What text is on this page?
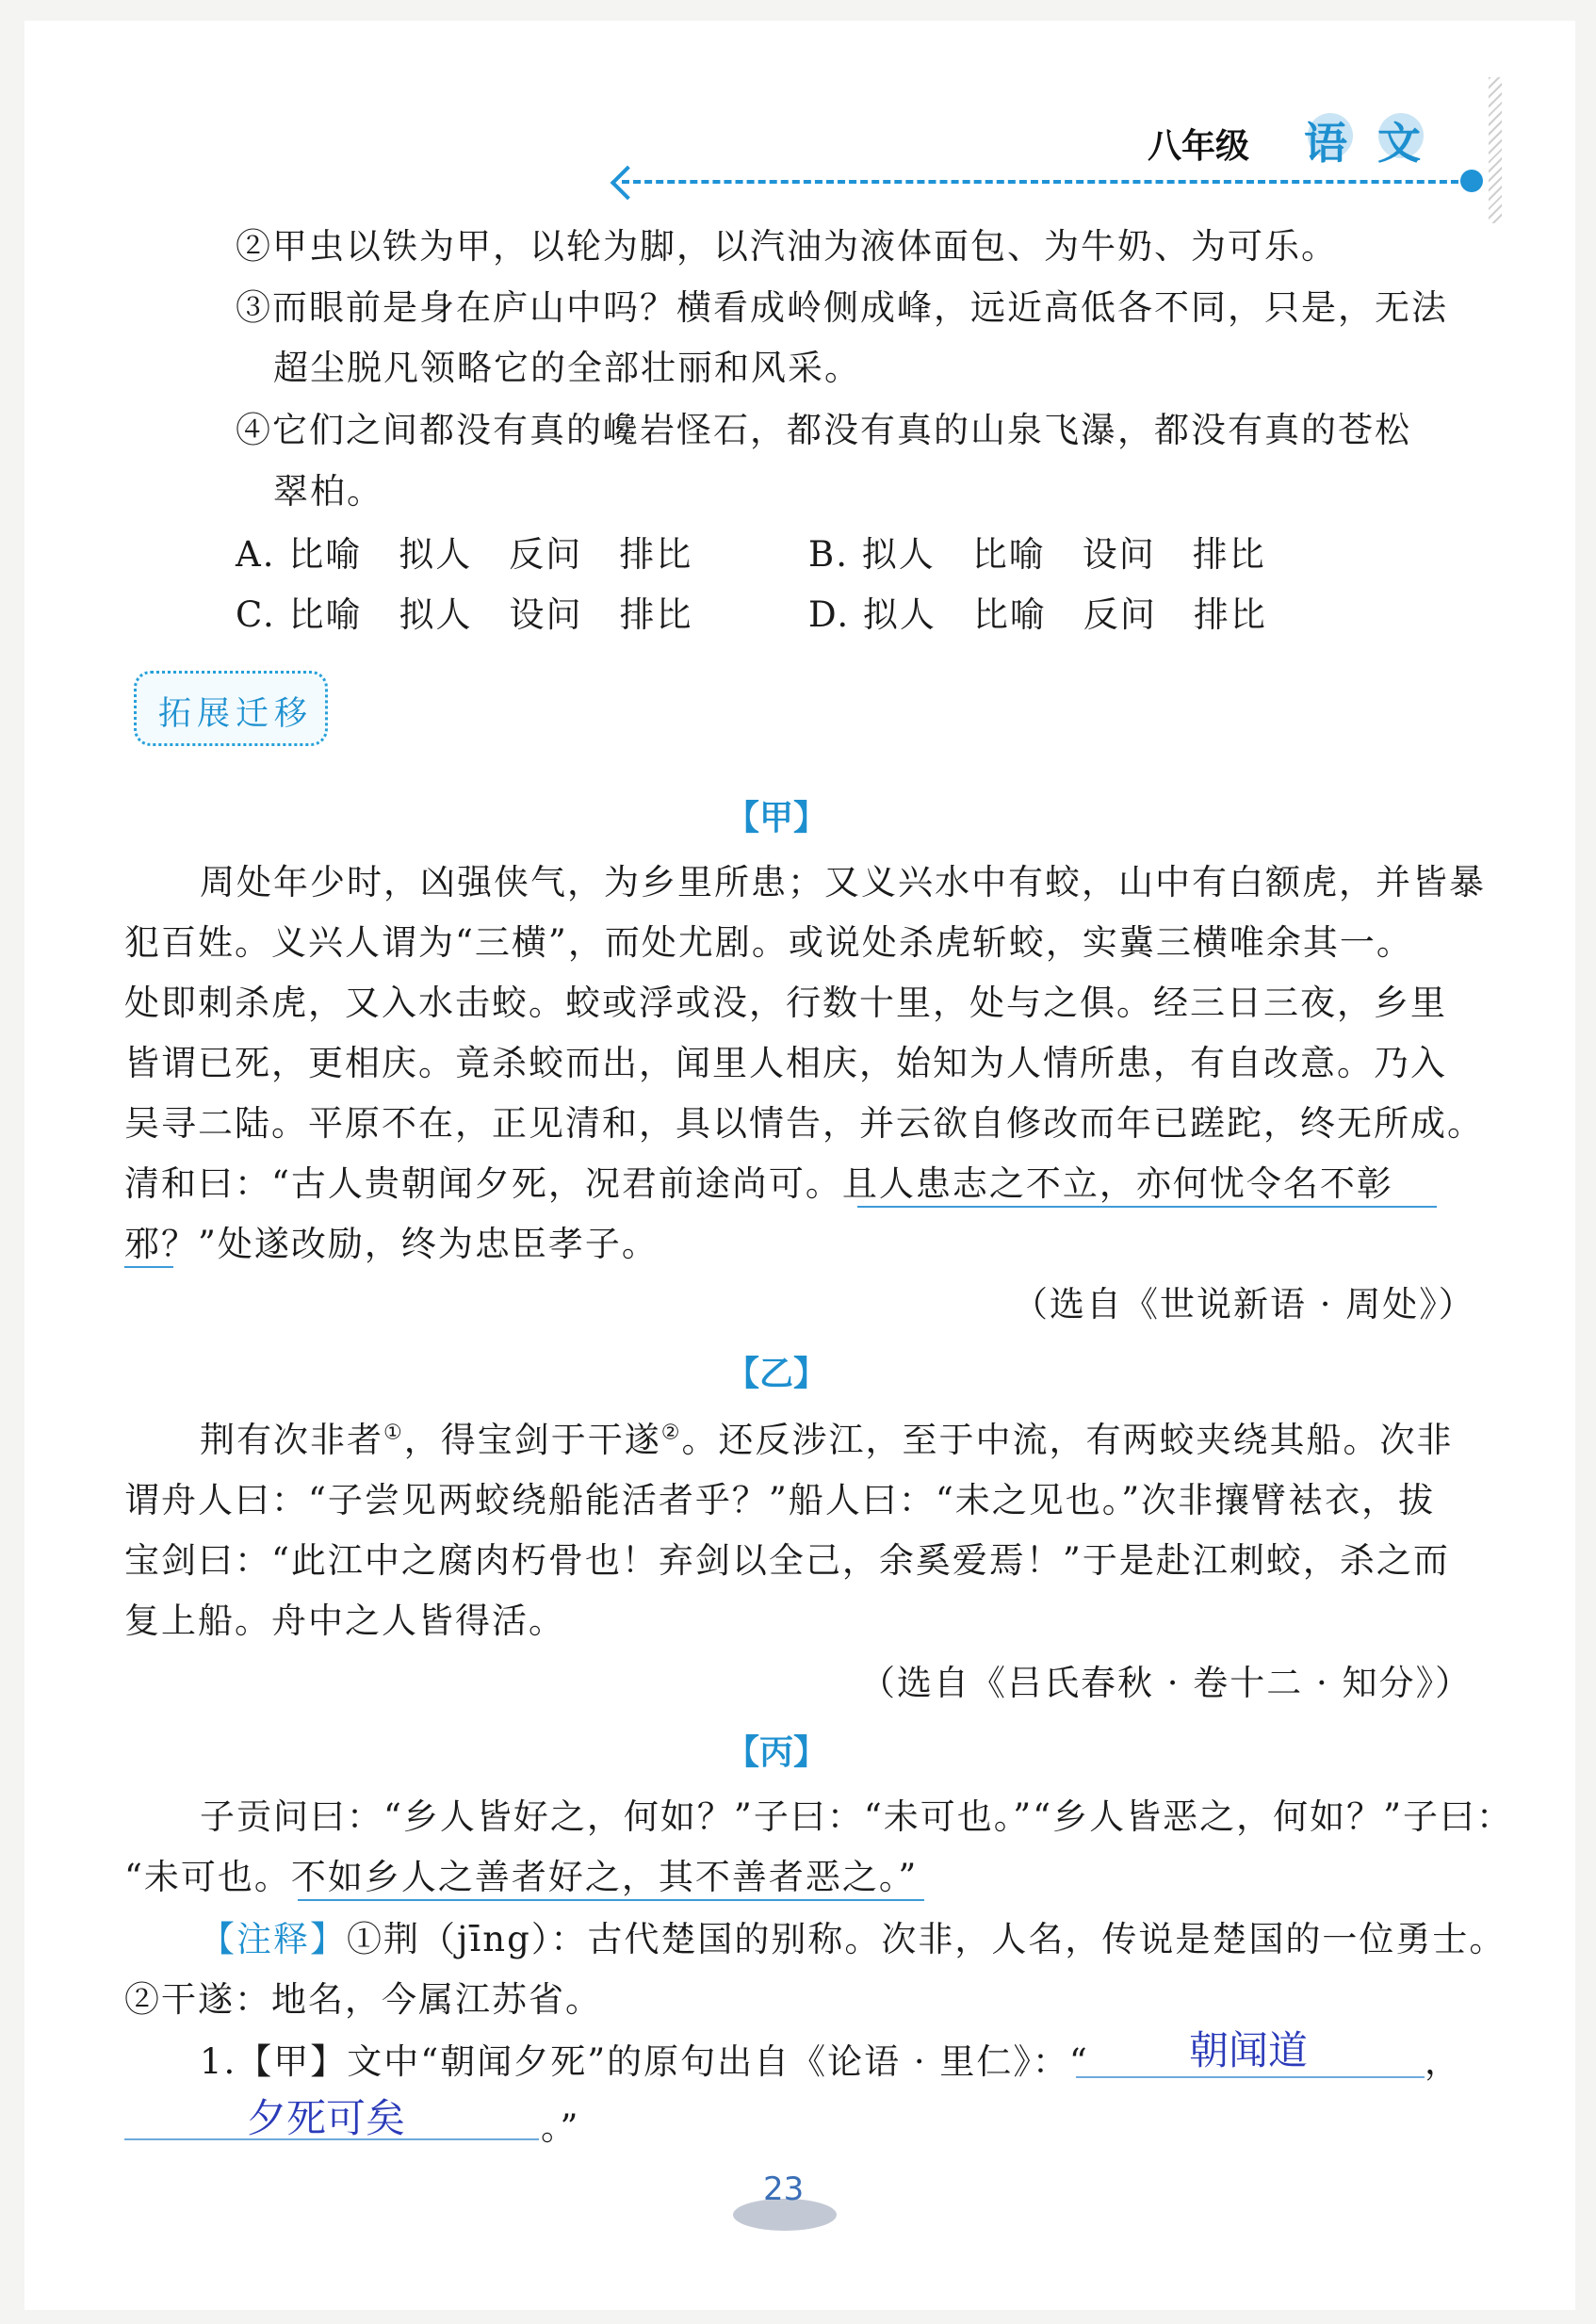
八年级 语 文
②甲虫以铁为甲，以轮为脚，以汽油为液体面包、为牛奶、为可乐。
③而眼前是身在庐山中吗？横看成岭侧成峰，远近高低各不同，只是，无法
超尘脱凡领略它的全部壮丽和风采。
④它们之间都没有真的巉岩怪石，都没有真的山泉飞瀑，都没有真的苍松
翠柏。
A. 比喻　拟人　反问　排比	B. 拟人　比喻　设问　排比
C. 比喻　拟人　设问　排比	D. 拟人　比喻　反问　排比
拓展迁移
【甲】
周处年少时，凶强侠气，为乡里所患；又义兴水中有蛟，山中有白额虎，并皆暴
犯百姓。义兴人谓为“三横”，而处尤剧。或说处杀虎斩蛟，实冀三横唯余其一。
处即刺杀虎，又入水击蛟。蛟或浮或没，行数十里，处与之俱。经三日三夜，乡里
皆谓已死，更相庆。竟杀蛟而出，闻里人相庆，始知为人情所患，有自改意。乃入
吴寻二陆。平原不在，正见清和，具以情告，并云欲自修改而年已蹉跎，终无所成。
清和曰：“古人贵朝闻夕死，况君前途尚可。且人患志之不立，亦何忧令名不彰
邪？”处遂改励，终为忠臣孝子。
（选自《世说新语 · 周处》）
【乙】
荆有次非者①，得宝剑于干遂②。还反涉江，至于中流，有两蛟夹绕其船。次非
谓舟人曰：“子尝见两蛟绕船能活者乎？”船人曰：“未之见也。”次非攘臂袪衣，拔
宝剑曰：“此江中之腐肉朽骨也！弃剑以全己，余奚爱焉！”于是赴江刺蛟，杀之而
复上船。舟中之人皆得活。
（选自《吕氏春秋 · 卷十二 · 知分》）
【丙】
子贡问曰：“乡人皆好之，何如？”子曰：“未可也。”“乡人皆恶之，何如？”子曰：
“未可也。不如乡人之善者好之，其不善者恶之。”
【注释】①荆（jīng）：古代楚国的别称。次非，人名，传说是楚国的一位勇士。
②干遂：地名，今属江苏省。
1.【甲】文中“朝闻夕死”的原句出自《论语 · 里仁》：“	朝闻道	，
夕死可矣	。”
23
